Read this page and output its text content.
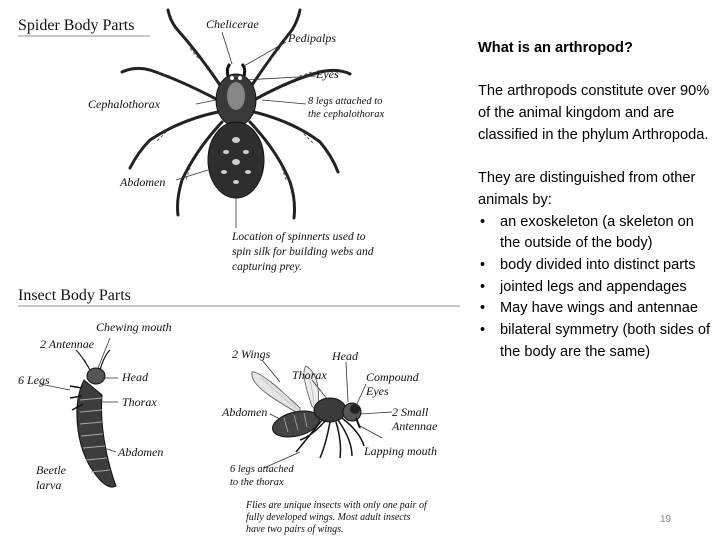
Spider Body Parts	Chelicerae
Pedipalps
Eyes
Cephalothorax	8 legs attached to
the cephalothorax
Abdomen
Location of spinnerts used to
spin silk for building webs and
capturing prey.
Insect Body Parts
Chewing mouth
2 Antennae
6 Legs	Head
Thorax
Abdomen
Beetle
larva
2 Wings	Head
Thorax	Compound
Eyes
Abdomen	2 Small
Antennae
Lapping mouth
6 legs attached
to the thorax
Flies are unique insects with only one pair of
fully developed wings. Most adult insects
have two pairs of wings.
What is an arthropod?

The arthropods constitute over 90% of the animal kingdom and are classified in the phylum Arthropoda.

They are distinguished from other animals by:

• an exoskeleton (a skeleton on the outside of the body)
• body divided into distinct parts
• jointed legs and appendages
• May have wings and antennae
• bilateral symmetry (both sides of the body are the same)
19
